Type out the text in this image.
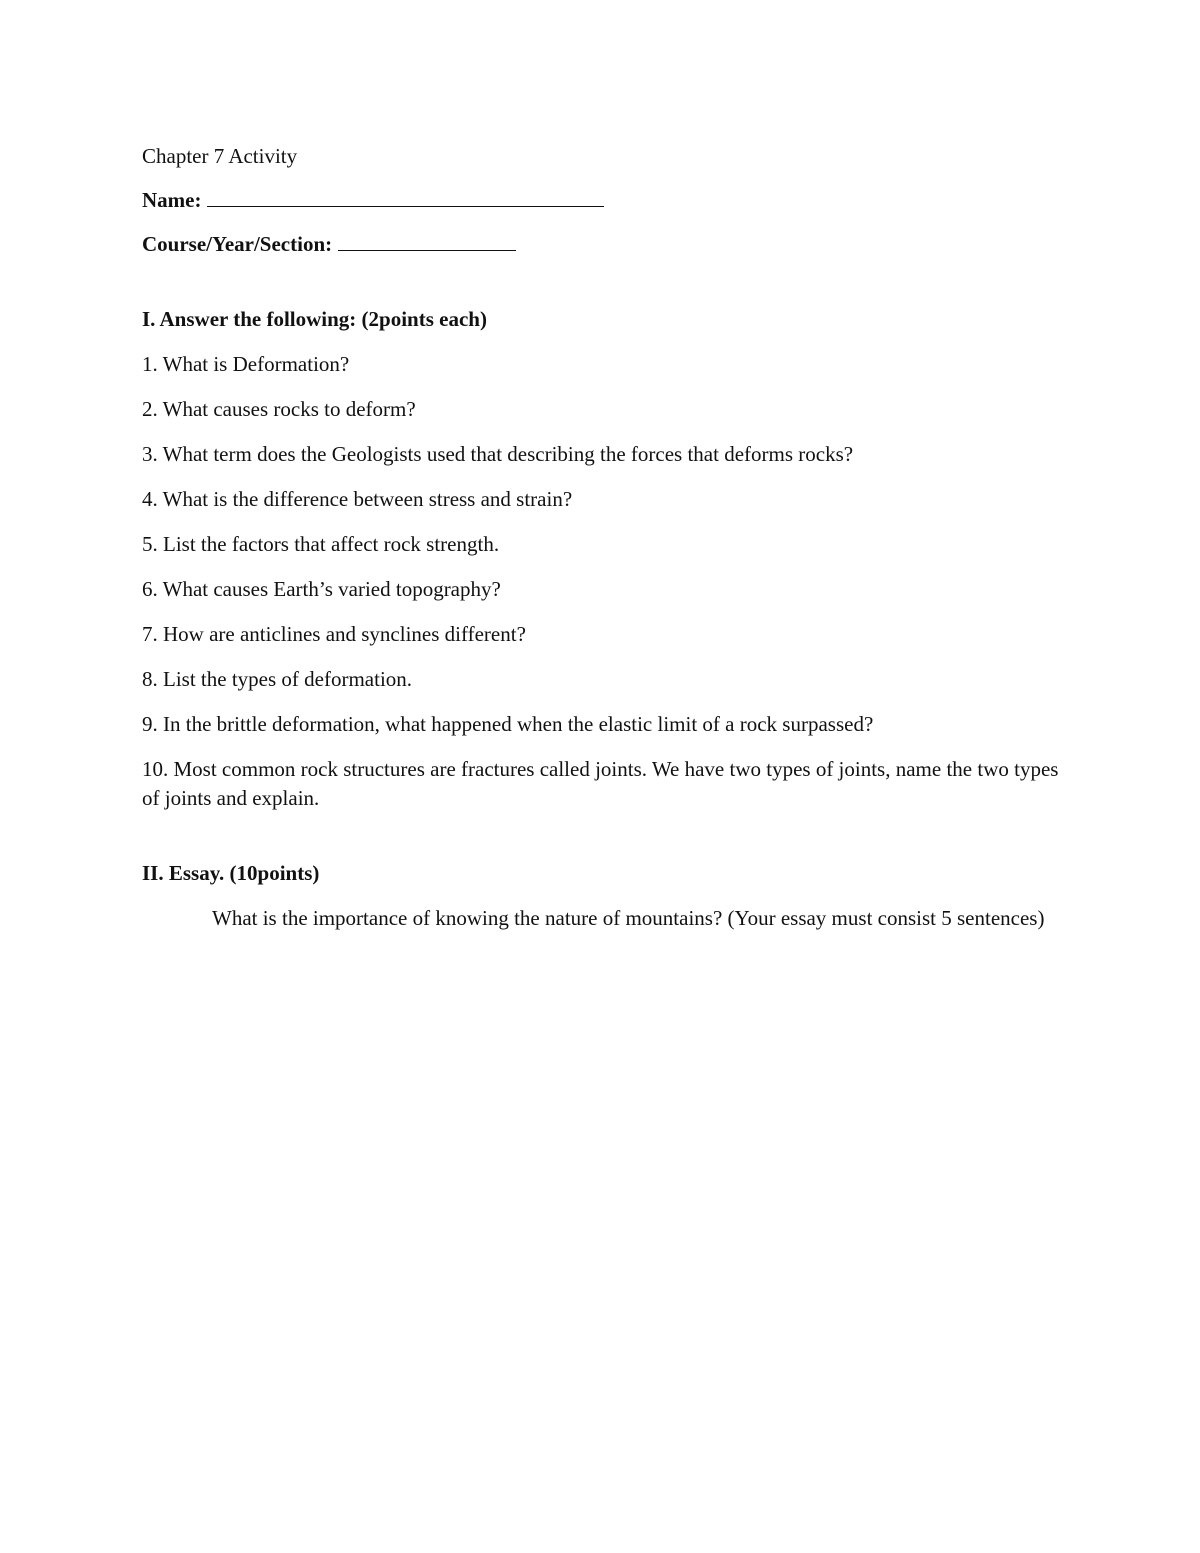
Chapter 7 Activity

Name:

Course/Year/Section:

I. Answer the following: (2points each)

1. What is Deformation?

2. What causes rocks to deform?

3. What term does the Geologists used that describing the forces that deforms rocks?

4. What is the difference between stress and strain?

5. List the factors that affect rock strength.

6. What causes Earth’s varied topography?

7. How are anticlines and synclines different?

8. List the types of deformation.

9. In the brittle deformation, what happened when the elastic limit of a rock surpassed?

10. Most common rock structures are fractures called joints. We have two types of joints, name the two types of joints and explain.

II. Essay. (10points)

What is the importance of knowing the nature of mountains? (Your essay must consist 5 sentences)
